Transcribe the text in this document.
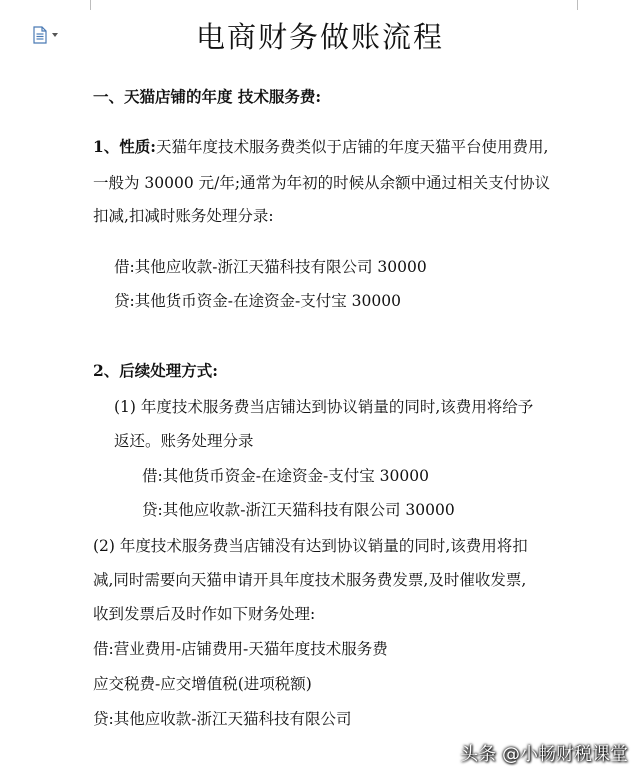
电商财务做账流程
一、天猫店铺的年度 技术服务费:
1、性质:天猫年度技术服务费类似于店铺的年度天猫平台使用费用,
一般为 30000 元/年;通常为年初的时候从余额中通过相关支付协议
扣减,扣减时账务处理分录:
借:其他应收款-浙江天猫科技有限公司 30000
贷:其他货币资金-在途资金-支付宝 30000
2、后续处理方式:
(1) 年度技术服务费当店铺达到协议销量的同时,该费用将给予
返还。账务处理分录
借:其他货币资金-在途资金-支付宝 30000
贷:其他应收款-浙江天猫科技有限公司 30000
(2) 年度技术服务费当店铺没有达到协议销量的同时,该费用将扣
减,同时需要向天猫申请开具年度技术服务费发票,及时催收发票,
收到发票后及时作如下财务处理:
借:营业费用-店铺费用-天猫年度技术服务费
应交税费-应交增值税(进项税额)
贷:其他应收款-浙江天猫科技有限公司
头条 @小畅财税课堂
